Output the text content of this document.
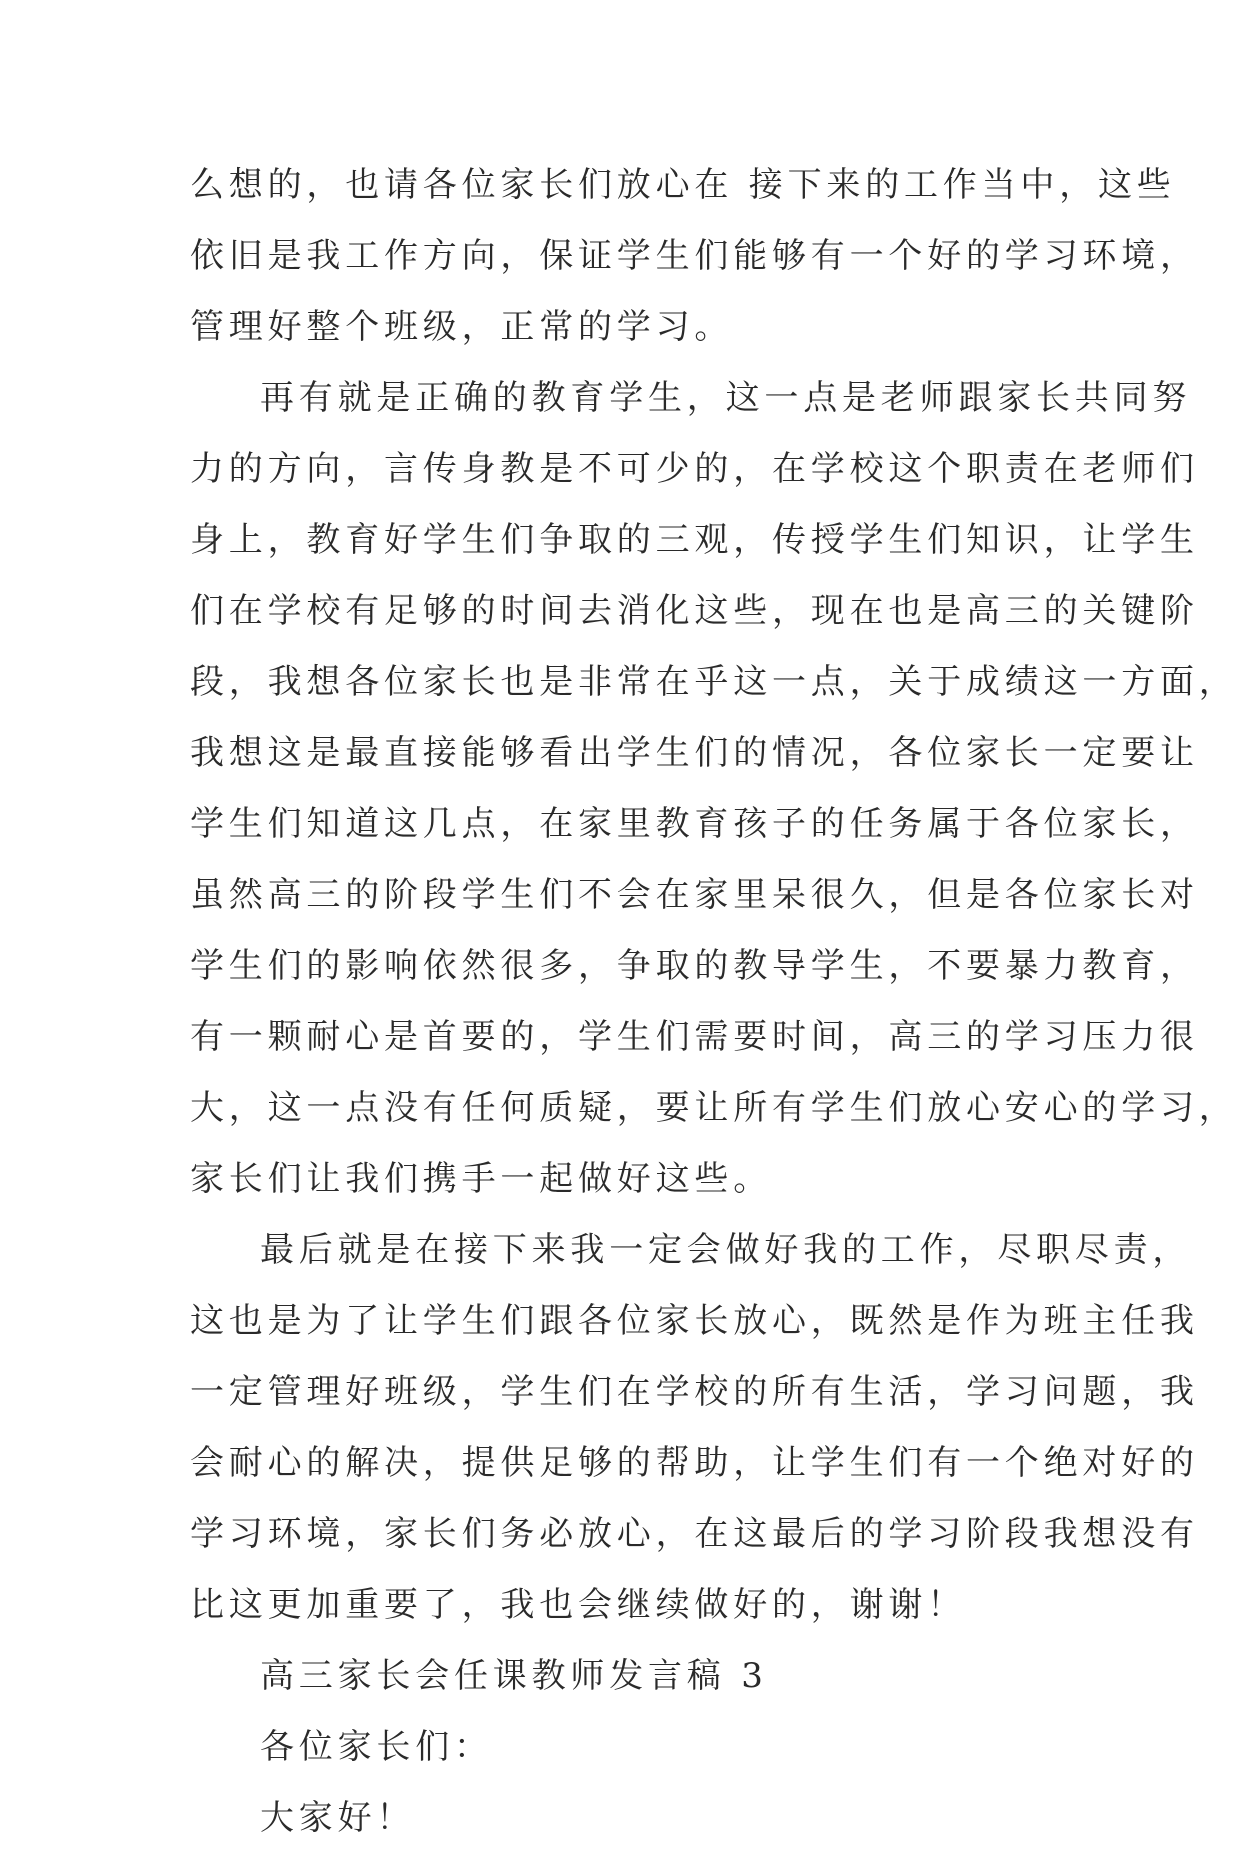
么想的，也请各位家长们放心在 接下来的工作当中，这些
依旧是我工作方向，保证学生们能够有一个好的学习环境，
管理好整个班级，正常的学习。
再有就是正确的教育学生，这一点是老师跟家长共同努
力的方向，言传身教是不可少的，在学校这个职责在老师们
身上，教育好学生们争取的三观，传授学生们知识，让学生
们在学校有足够的时间去消化这些，现在也是高三的关键阶
段，我想各位家长也是非常在乎这一点，关于成绩这一方面，
我想这是最直接能够看出学生们的情况，各位家长一定要让
学生们知道这几点，在家里教育孩子的任务属于各位家长，
虽然高三的阶段学生们不会在家里呆很久，但是各位家长对
学生们的影响依然很多，争取的教导学生，不要暴力教育，
有一颗耐心是首要的，学生们需要时间，高三的学习压力很
大，这一点没有任何质疑，要让所有学生们放心安心的学习，
家长们让我们携手一起做好这些。
最后就是在接下来我一定会做好我的工作，尽职尽责，
这也是为了让学生们跟各位家长放心，既然是作为班主任我
一定管理好班级，学生们在学校的所有生活，学习问题，我
会耐心的解决，提供足够的帮助，让学生们有一个绝对好的
学习环境，家长们务必放心，在这最后的学习阶段我想没有
比这更加重要了，我也会继续做好的，谢谢！
高三家长会任课教师发言稿 3
各位家长们：
大家好！
